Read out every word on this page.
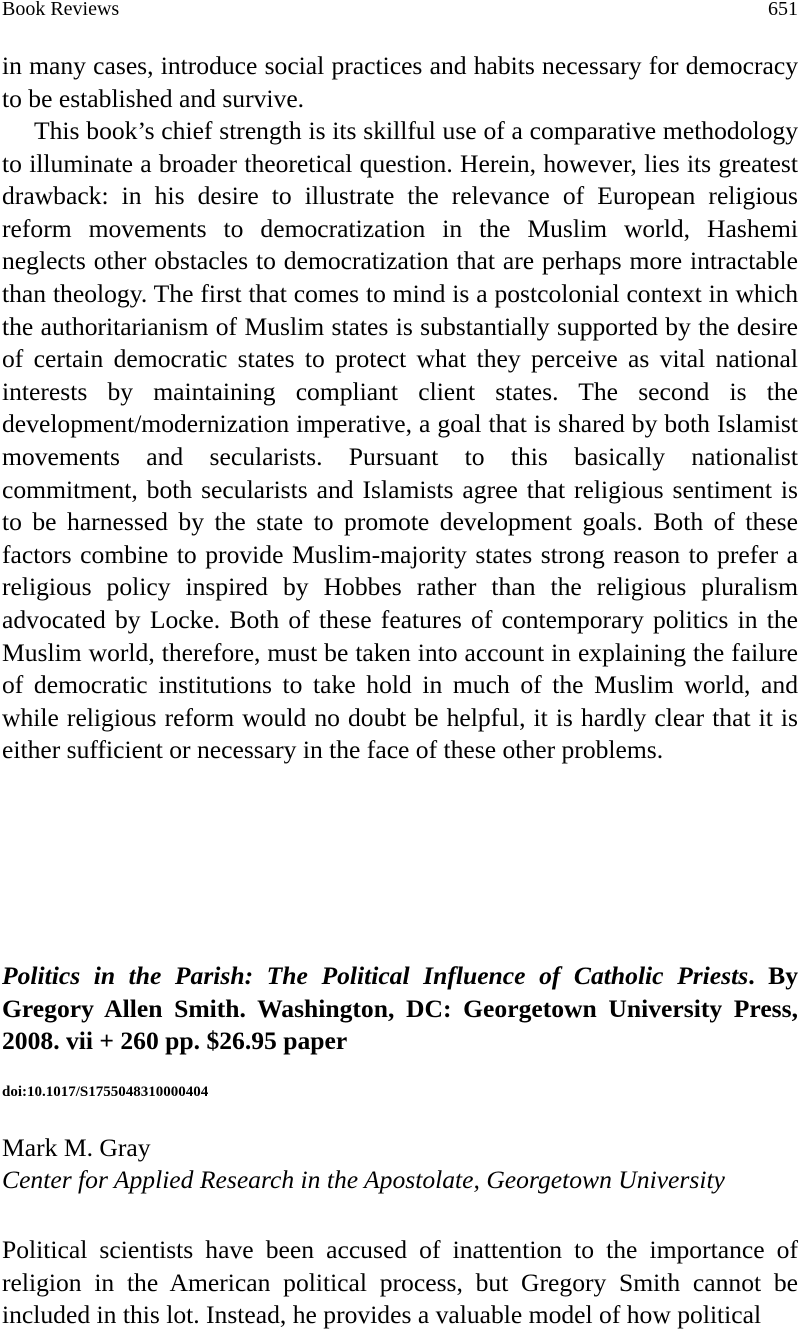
Book Reviews	651

in many cases, introduce social practices and habits necessary for democracy to be established and survive.

This book’s chief strength is its skillful use of a comparative methodology to illuminate a broader theoretical question. Herein, however, lies its greatest drawback: in his desire to illustrate the relevance of European religious reform movements to democratization in the Muslim world, Hashemi neglects other obstacles to democratization that are perhaps more intractable than theology. The first that comes to mind is a postcolonial context in which the authoritarianism of Muslim states is substantially supported by the desire of certain democratic states to protect what they perceive as vital national interests by maintaining compliant client states. The second is the development/modernization imperative, a goal that is shared by both Islamist movements and secularists. Pursuant to this basically nationalist commitment, both secularists and Islamists agree that religious sentiment is to be harnessed by the state to promote development goals. Both of these factors combine to provide Muslim-majority states strong reason to prefer a religious policy inspired by Hobbes rather than the religious pluralism advocated by Locke. Both of these features of contemporary politics in the Muslim world, therefore, must be taken into account in explaining the failure of democratic institutions to take hold in much of the Muslim world, and while religious reform would no doubt be helpful, it is hardly clear that it is either sufficient or necessary in the face of these other problems.

Politics in the Parish: The Political Influence of Catholic Priests. By Gregory Allen Smith. Washington, DC: Georgetown University Press, 2008. vii + 260 pp. $26.95 paper

doi:10.1017/S1755048310000404
Mark M. Gray
Center for Applied Research in the Apostolate, Georgetown University

Political scientists have been accused of inattention to the importance of religion in the American political process, but Gregory Smith cannot be included in this lot. Instead, he provides a valuable model of how political
